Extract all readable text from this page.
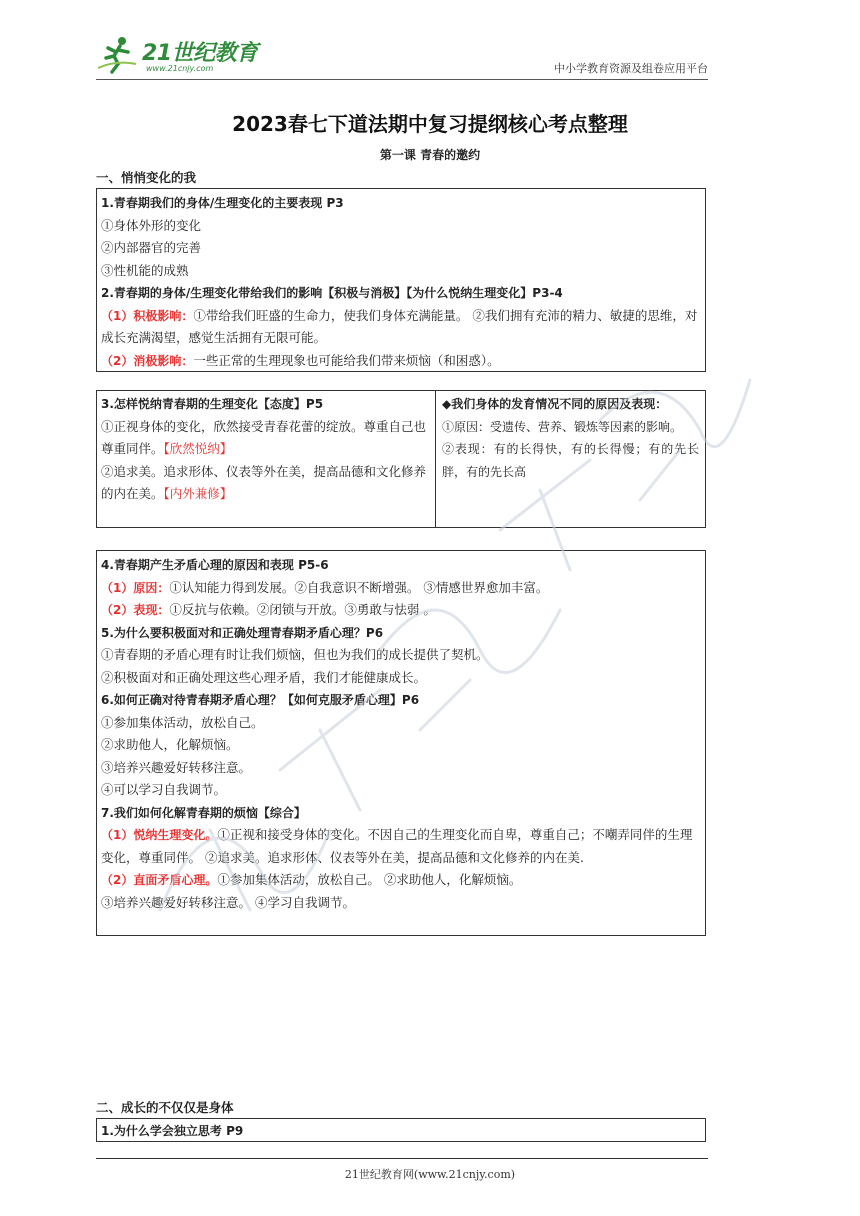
21世纪教育
www.21cnjy.com	中小学教育资源及组卷应用平台
2023春七下道法期中复习提纲核心考点整理
第一课 青春的邀约
一、悄悄变化的我

1.青春期我们的身体/生理变化的主要表现 P3

①身体外形的变化

②内部器官的完善

③性机能的成熟

2.青春期的身体/生理变化带给我们的影响【积极与消极】【为什么悦纳生理变化】P3-4

（1）积极影响：①带给我们旺盛的生命力，使我们身体充满能量。 ②我们拥有充沛的精力、敏捷的思维，对成长充满渴望，感觉生活拥有无限可能。

（2）消极影响：一些正常的生理现象也可能给我们带来烦恼（和困惑）。

3.怎样悦纳青春期的生理变化【态度】P5

①正视身体的变化，欣然接受青春花蕾的绽放。尊重自己也尊重同伴。【欣然悦纳】

②追求美。追求形体、仪表等外在美，提高品德和文化修养的内在美。【内外兼修】

◆我们身体的发育情况不同的原因及表现：

①原因：受遗传、营养、锻炼等因素的影响。

②表现：有的长得快，有的长得慢；有的先长胖，有的先长高

4.青春期产生矛盾心理的原因和表现 P5-6

（1）原因：①认知能力得到发展。②自我意识不断增强。 ③情感世界愈加丰富。

（2）表现：①反抗与依赖。②闭锁与开放。③勇敢与怯弱 。

5.为什么要积极面对和正确处理青春期矛盾心理？P6

①青春期的矛盾心理有时让我们烦恼，但也为我们的成长提供了契机。

②积极面对和正确处理这些心理矛盾，我们才能健康成长。

6.如何正确对待青春期矛盾心理？【如何克服矛盾心理】P6

①参加集体活动，放松自己。

②求助他人，化解烦恼。

③培养兴趣爱好转移注意。

④可以学习自我调节。

7.我们如何化解青春期的烦恼【综合】

（1）悦纳生理变化。①正视和接受身体的变化。不因自己的生理变化而自卑，尊重自己；不嘲弄同伴的生理变化，尊重同伴。 ②追求美。追求形体、仪表等外在美，提高品德和文化修养的内在美.

（2）直面矛盾心理。①参加集体活动，放松自己。 ②求助他人，化解烦恼。

③培养兴趣爱好转移注意。 ④学习自我调节。

二、成长的不仅仅是身体

1.为什么学会独立思考 P9

21世纪教育网(www.21cnjy.com)
